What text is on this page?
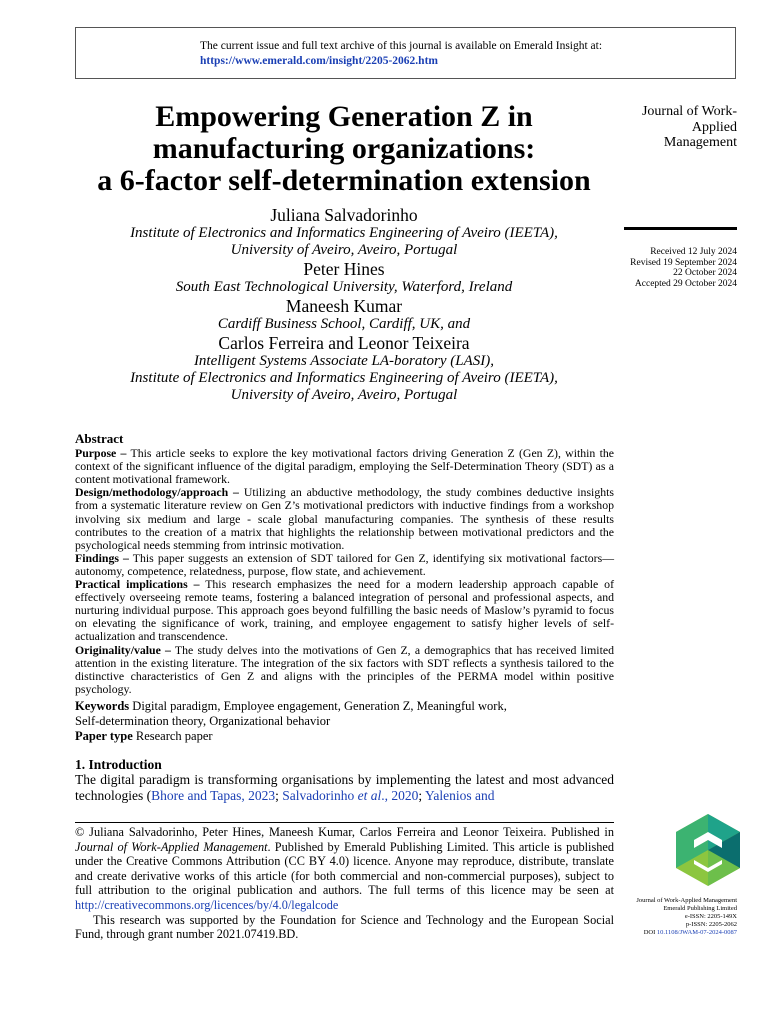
The current issue and full text archive of this journal is available on Emerald Insight at:
https://www.emerald.com/insight/2205-2062.htm
Journal of Work-
Applied
Management
Received 12 July 2024
Revised 19 September 2024
22 October 2024
Accepted 29 October 2024
Empowering Generation Z in
manufacturing organizations:
a 6-factor self-determination extension
Juliana Salvadorinho
Institute of Electronics and Informatics Engineering of Aveiro (IEETA),
University of Aveiro, Aveiro, Portugal
Peter Hines
South East Technological University, Waterford, Ireland
Maneesh Kumar
Cardiff Business School, Cardiff, UK, and
Carlos Ferreira and Leonor Teixeira
Intelligent Systems Associate LA-boratory (LASI),
Institute of Electronics and Informatics Engineering of Aveiro (IEETA),
University of Aveiro, Aveiro, Portugal
Abstract

Purpose – This article seeks to explore the key motivational factors driving Generation Z (Gen Z), within the context of the significant influence of the digital paradigm, employing the Self-Determination Theory (SDT) as a content motivational framework.

Design/methodology/approach – Utilizing an abductive methodology, the study combines deductive insights from a systematic literature review on Gen Z’s motivational predictors with inductive findings from a workshop involving six medium and large - scale global manufacturing companies. The synthesis of these results contributes to the creation of a matrix that highlights the relationship between motivational predictors and the psychological needs stemming from intrinsic motivation.

Findings – This paper suggests an extension of SDT tailored for Gen Z, identifying six motivational factors—autonomy, competence, relatedness, purpose, flow state, and achievement.

Practical implications – This research emphasizes the need for a modern leadership approach capable of effectively overseeing remote teams, fostering a balanced integration of personal and professional aspects, and nurturing individual purpose. This approach goes beyond fulfilling the basic needs of Maslow’s pyramid to focus on elevating the significance of work, training, and employee engagement to satisfy higher levels of self-actualization and transcendence.

Originality/value – The study delves into the motivations of Gen Z, a demographics that has received limited attention in the existing literature. The integration of the six factors with SDT reflects a synthesis tailored to the distinctive characteristics of Gen Z and aligns with the principles of the PERMA model within positive psychology.

Keywords Digital paradigm, Employee engagement, Generation Z, Meaningful work,
Self-determination theory, Organizational behavior
Paper type Research paper
1. Introduction

The digital paradigm is transforming organisations by implementing the latest and most advanced technologies (Bhore and Tapas, 2023; Salvadorinho et al., 2020; Yalenios and

© Juliana Salvadorinho, Peter Hines, Maneesh Kumar, Carlos Ferreira and Leonor Teixeira. Published in Journal of Work-Applied Management. Published by Emerald Publishing Limited. This article is published under the Creative Commons Attribution (CC BY 4.0) licence. Anyone may reproduce, distribute, translate and create derivative works of this article (for both commercial and non-commercial purposes), subject to full attribution to the original publication and authors. The full terms of this licence may be seen at http://creativecommons.org/licences/by/4.0/legalcode

This research was supported by the Foundation for Science and Technology and the European Social Fund, through grant number 2021.07419.BD.

Journal of Work-Applied Management
Emerald Publishing Limited
e-ISSN: 2205-149X
p-ISSN: 2205-2062
DOI 10.1108/JWAM-07-2024-0087
